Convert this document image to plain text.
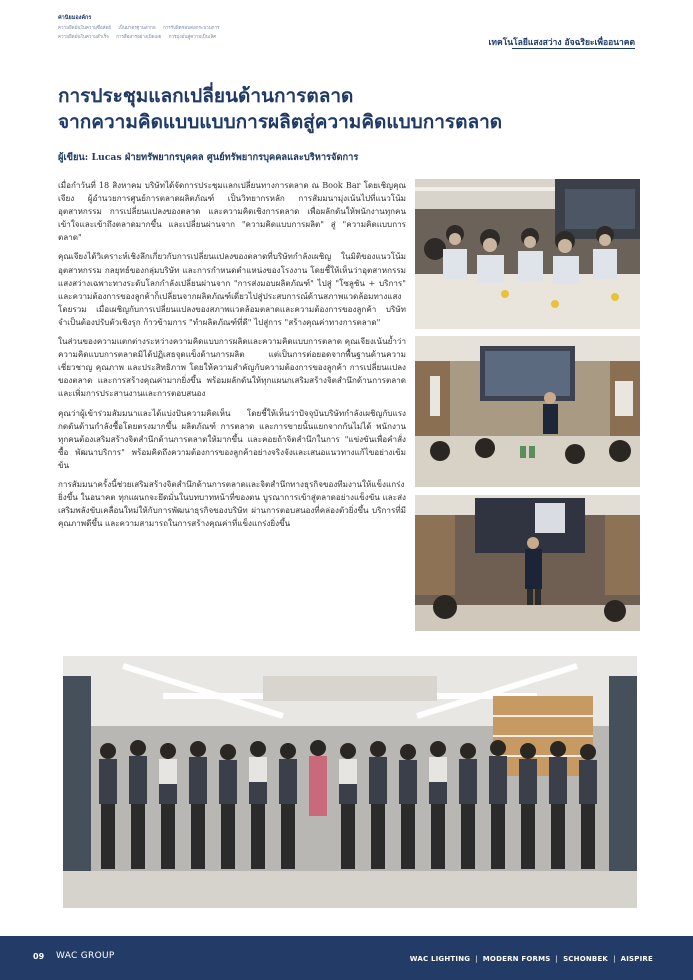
ค่านิยมองค์กร
ความยึดมั่นในความซื่อสัตย์ เป็นมาตรฐานสากล การรับผิดชอบต่อกระบวนการ
ความยึดมั่นในความสำเร็จ การสื่อสารอย่างเปิดเผย การมุ่งมั่นสู่ความเป็นเลิศ
เทคโนโลยีแสงสว่าง อัจฉริยะเพื่ออนาคต
การประชุมแลกเปลี่ยนด้านการตลาด
จากความคิดแบบแบบการผลิตสู่ความคิดแบบการตลาด
ผู้เขียน: Lucas ฝ่ายทรัพยากรบุคคล ศูนย์ทรัพยากรบุคคลและบริหารจัดการ

เมื่อกำวันที่ 18 สิงหาคม บริษัทได้จัดการประชุมแลกเปลี่ยนทางการตลาด ณ Book Bar โดยเชิญคุณเจียง ผู้อำนวยการศูนย์การตลาดผลิตภัณฑ์ เป็นวิทยากรหลัก การสัมมนามุ่งเน้นไปที่แนวโน้มอุตสาหกรรม การเปลี่ยนแปลงของตลาด และความคิดเชิงการตลาด เพื่อผลักดันให้พนักงานทุกคนเข้าใจและเข้าถึงตลาดมากขึ้น และเปลี่ยนผ่านจาก "ความคิดแบบการผลิต" สู่ "ความคิดแบบการตลาด"

คุณเจียงได้วิเคราะห์เชิงลึกเกี่ยวกับการเปลี่ยนแปลงของตลาดที่บริษัทกำลังเผชิญ ในมิติของแนวโน้มอุตสาหกรรม กลยุทธ์ของกลุ่มบริษัท และการกำหนดตำแหน่งของโรงงาน โดยชี้ให้เห็นว่าอุตสาหกรรมแสงสว่างเฉพาะทางระดับโลกกำลังเปลี่ยนผ่านจาก "การส่งมอบผลิตภัณฑ์" ไปสู่ "โซลูชัน + บริการ" และความต้องการของลูกค้าก็เปลี่ยนจากผลิตภัณฑ์เดี่ยวไปสู่ประสบการณ์ด้านสภาพแวดล้อมทางแสงโดยรวม เมื่อเผชิญกับการเปลี่ยนแปลงของสภาพแวดล้อมตลาดและความต้องการของลูกค้า บริษัทจำเป็นต้องปรับตัวเชิงรุก ก้าวข้ามการ "ทำผลิตภัณฑ์ที่ดี" ไปสู่การ "สร้างคุณค่าทางการตลาด"

ในส่วนของความแตกต่างระหว่างความคิดแบบการผลิตและความคิดแบบการตลาด คุณเจียงเน้นย้ำว่าความคิดแบบการตลาดมิได้ปฏิเสธจุดแข็งด้านการผลิต แต่เป็นการต่อยอดจากพื้นฐานด้านความเชี่ยวชาญ คุณภาพ และประสิทธิภาพ โดยให้ความสำคัญกับความต้องการของลูกค้า การเปลี่ยนแปลงของตลาด และการสร้างคุณค่ามากยิ่งขึ้น พร้อมผลักดันให้ทุกแผนกเสริมสร้างจิตสำนึกด้านการตลาด และเพิ่มการประสานงานและการตอบสนอง

คุณว่าผู้เข้าร่วมสัมมนาและได้แบ่งปันความคิดเห็น โดยชี้ให้เห็นว่าปัจจุบันบริษัทกำลังเผชิญกับแรงกดดันด้านกำลังซื้อโดยตรงมากขึ้น ผลิตภัณฑ์ การตลาด และการขายนั้นแยกจากกันไม่ได้ พนักงานทุกคนต้องเสริมสร้างจิตสำนึกด้านการตลาดให้มากขึ้น และคอยถ้าจิตสำนึกในการ "แข่งขันเพื่อคำสั่งซื้อ พัฒนาบริการ" พร้อมคิดถึงความต้องการของลูกค้าอย่างจริงจังและเสนอแนวทางแก้ไขอย่างเข้มข้น

การสัมมนาครั้งนี้ช่วยเสริมสร้างจิตสำนึกด้านการตลาดและจิตสำนึกทางธุรกิจของทีมงานให้แข็งแกร่งยิ่งขึ้น ในอนาคต ทุกแผนกจะยึดมั่นในบทบาทหน้าที่ของตน บูรณาการเข้าสู่ตลาดอย่างแข็งขัน และส่งเสริมพลังขับเคลื่อนใหม่ให้กับการพัฒนาธุรกิจของบริษัท ผ่านการตอบสนองที่คล่องตัวยิ่งขึ้น บริการที่มีคุณภาพดีขึ้น และความสามารถในการสร้างคุณค่าที่แข็งแกร่งยิ่งขึ้น

09 WAC GROUP	WAC LIGHTING | MODERN FORMS | SCHONBEK | AISPIRE
